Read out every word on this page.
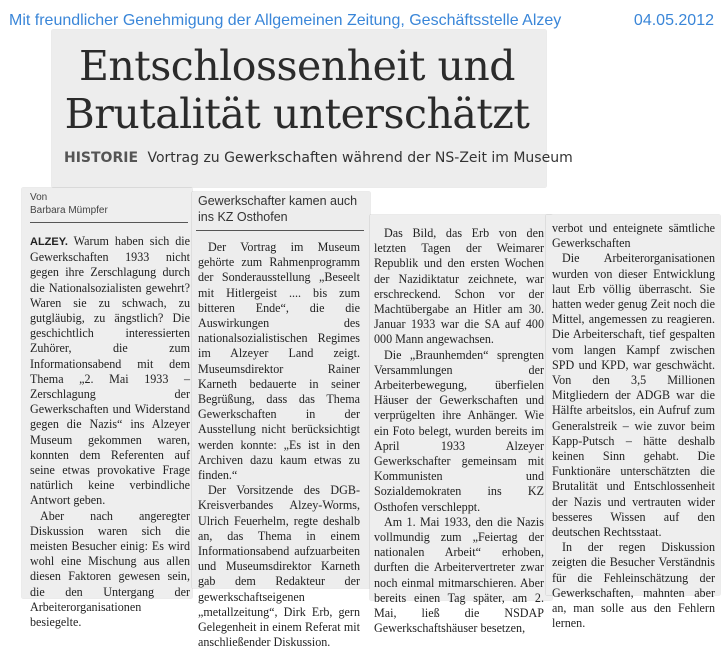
Mit freundlicher Genehmigung der Allgemeinen Zeitung, Geschäftsstelle Alzey	04.05.2012
Entschlossenheit und
Brutalität unterschätzt
HISTORIE Vortrag zu Gewerkschaften während der NS-Zeit im Museum
Von
Barbara Mümpfer
Gewerkschafter kamen auch ins KZ Osthofen

ALZEY. Warum haben sich die Gewerkschaften 1933 nicht gegen ihre Zerschlagung durch die Nationalsozialisten gewehrt? Waren sie zu schwach, zu gutgläubig, zu ängstlich? Die geschichtlich interessierten Zuhörer, die zum Informationsabend mit dem Thema „2. Mai 1933 – Zerschlagung der Gewerkschaften und Widerstand gegen die Nazis“ ins Alzeyer Museum gekommen waren, konnten dem Referenten auf seine etwas provokative Frage natürlich keine verbindliche Antwort geben.

Aber nach angeregter Diskussion waren sich die meisten Besucher einig: Es wird wohl eine Mischung aus allen diesen Faktoren gewesen sein, die den Untergang der Arbeiterorganisationen besiegelte.

Der Vortrag im Museum gehörte zum Rahmenprogramm der Sonderausstellung „Beseelt mit Hitlergeist .... bis zum bitteren Ende“, die die Auswirkungen des nationalsozialistischen Regimes im Alzeyer Land zeigt. Museumsdirektor Rainer Karneth bedauerte in seiner Begrüßung, dass das Thema Gewerkschaften in der Ausstellung nicht berücksichtigt werden konnte: „Es ist in den Archiven dazu kaum etwas zu finden.“

Der Vorsitzende des DGB-Kreisverbandes Alzey-Worms, Ulrich Feuerhelm, regte deshalb an, das Thema in einem Informationsabend aufzuarbeiten und Museumsdirektor Karneth gab dem Redakteur der gewerkschaftseigenen „metallzeitung“, Dirk Erb, gern Gelegenheit in einem Referat mit anschließender Diskussion.

Das Bild, das Erb von den letzten Tagen der Weimarer Republik und den ersten Wochen der Nazidiktatur zeichnete, war erschreckend. Schon vor der Machtübergabe an Hitler am 30. Januar 1933 war die SA auf 400 000 Mann angewachsen.

Die „Braunhemden“ sprengten Versammlungen der Arbeiterbewegung, überfielen Häuser der Gewerkschaften und verprügelten ihre Anhänger. Wie ein Foto belegt, wurden bereits im April 1933 Alzeyer Gewerkschafter gemeinsam mit Kommunisten und Sozialdemokraten ins KZ Osthofen verschleppt.

Am 1. Mai 1933, den die Nazis vollmundig zum „Feiertag der nationalen Arbeit“ erhoben, durften die Arbeitervertreter zwar noch einmal mitmarschieren. Aber bereits einen Tag später, am 2. Mai, ließ die NSDAP Gewerkschaftshäuser besetzen,

verbot und enteignete sämtliche Gewerkschaften

Die Arbeiterorganisationen wurden von dieser Entwicklung laut Erb völlig überrascht. Sie hatten weder genug Zeit noch die Mittel, angemessen zu reagieren. Die Arbeiterschaft, tief gespalten vom langen Kampf zwischen SPD und KPD, war geschwächt. Von den 3,5 Millionen Mitgliedern der ADGB war die Hälfte arbeitslos, ein Aufruf zum Generalstreik – wie zuvor beim Kapp-Putsch – hätte deshalb keinen Sinn gehabt. Die Funktionäre unterschätzten die Brutalität und Entschlossenheit der Nazis und vertrauten wider besseres Wissen auf den deutschen Rechtsstaat.

In der regen Diskussion zeigten die Besucher Verständnis für die Fehleinschätzung der Gewerkschaften, mahnten aber an, man solle aus den Fehlern lernen.
